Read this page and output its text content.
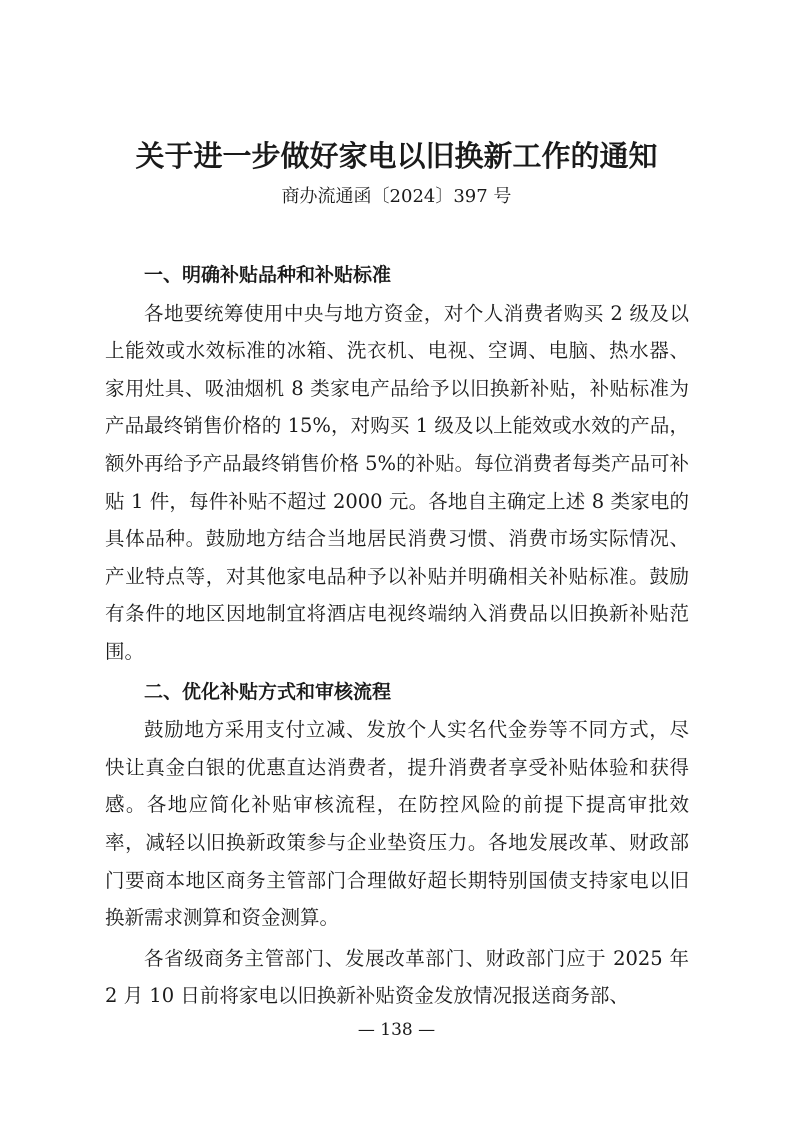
关于进一步做好家电以旧换新工作的通知
商办流通函〔2024〕397 号

一、明确补贴品种和补贴标准

各地要统筹使用中央与地方资金，对个人消费者购买 2 级及以上能效或水效标准的冰箱、洗衣机、电视、空调、电脑、热水器、家用灶具、吸油烟机 8 类家电产品给予以旧换新补贴，补贴标准为产品最终销售价格的 15%，对购买 1 级及以上能效或水效的产品，额外再给予产品最终销售价格 5%的补贴。每位消费者每类产品可补贴 1 件，每件补贴不超过 2000 元。各地自主确定上述 8 类家电的具体品种。鼓励地方结合当地居民消费习惯、消费市场实际情况、产业特点等，对其他家电品种予以补贴并明确相关补贴标准。鼓励有条件的地区因地制宜将酒店电视终端纳入消费品以旧换新补贴范围。

二、优化补贴方式和审核流程

鼓励地方采用支付立减、发放个人实名代金券等不同方式，尽快让真金白银的优惠直达消费者，提升消费者享受补贴体验和获得感。各地应简化补贴审核流程，在防控风险的前提下提高审批效率，减轻以旧换新政策参与企业垫资压力。各地发展改革、财政部门要商本地区商务主管部门合理做好超长期特别国债支持家电以旧换新需求测算和资金测算。

各省级商务主管部门、发展改革部门、财政部门应于 2025 年 2 月 10 日前将家电以旧换新补贴资金发放情况报送商务部、

— 138 —
